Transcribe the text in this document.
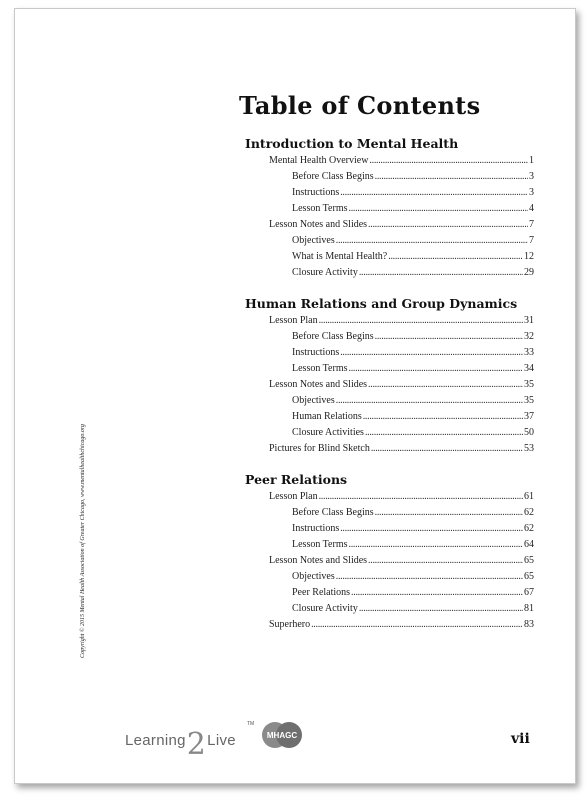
Table of Contents
Introduction to Mental Health
Mental Health Overview . . .	1
Before Class Begins . . .	3
Instructions . . .	3
Lesson Terms . . .	4
Lesson Notes and Slides . . .	7
Objectives . . .	7
What is Mental Health? . . .	12
Closure Activity . . .	29
Human Relations and Group Dynamics
Lesson Plan . . .	31
Before Class Begins . . .	32
Instructions . . .	33
Lesson Terms . . .	34
Lesson Notes and Slides . . .	35
Objectives . . .	35
Human Relations . . .	37
Closure Activities . . .	50
Pictures for Blind Sketch . . .	53
Peer Relations
Lesson Plan . . .	61
Before Class Begins . . .	62
Instructions . . .	62
Lesson Terms . . .	64
Lesson Notes and Slides . . .	65
Objectives . . .	65
Peer Relations . . .	67
Closure Activity . . .	81
Superhero . . .	83
Copyright © 2015 Mental Health Association of Greater Chicago, www.mentalhealthchicago.org
Learning2Live
TM
MHAGC	vii
